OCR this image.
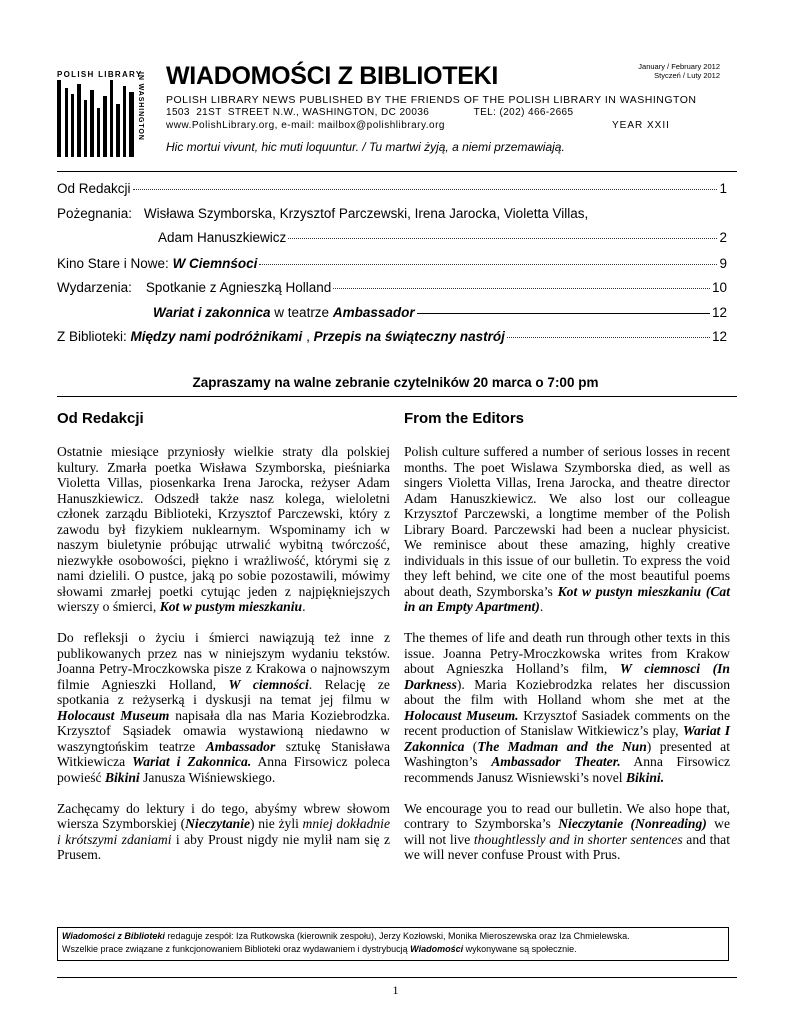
POLISH LIBRARY
IN WASHINGTON WIADOMOŚCI Z BIBLIOTEKI	January / February 2012
Styczeń / Luty 2012
POLISH LIBRARY NEWS PUBLISHED BY THE FRIENDS OF THE POLISH LIBRARY IN WASHINGTON
1503  21ST  STREET N.W., WASHINGTON, DC 20036              TEL: (202) 466-2665
www.PolishLibrary.org, e-mail: mailbox@polishlibrary.org	YEAR XXII
Hic mortui vivunt, hic muti loquuntur. / Tu martwi żyją, a niemi przemawiają.
Od Redakcji	1
Pożegnania: Wisława Szymborska, Krzysztof Parczewski, Irena Jarocka, Violetta Villas,
Adam Hanuszkiewicz	2
Kino Stare i Nowe: W Ciemnśoci	9
Wydarzenia: Spotkanie z Agnieszką Holland	10
Wariat i zakonnica w teatrze Ambassador	12
Z Biblioteki: Między nami podróżnikami , Przepis na świąteczny nastrój	12
Zapraszamy na walne zebranie czytelników 20 marca o 7:00 pm
Od Redakcji

Ostatnie miesiące przyniosły wielkie straty dla polskiej kultury. Zmarła poetka Wisława Szymborska, pieśniarka Violetta Villas, piosenkarka Irena Jarocka, reżyser Adam Hanuszkiewicz. Odszedł także nasz kolega, wieloletni członek zarządu Biblioteki, Krzysztof Parczewski, który z zawodu był fizykiem nuklearnym. Wspominamy ich w naszym biuletynie próbując utrwalić wybitną twórczość, niezwykłe osobowości, piękno i wrażliwość, którymi się z nami dzielili. O pustce, jaką po sobie pozostawili, mówimy słowami zmarłej poetki cytując jeden z najpiękniejszych wierszy o śmierci, Kot w pustym mieszkaniu.

Do refleksji o życiu i śmierci nawiązują też inne z publikowanych przez nas w niniejszym wydaniu tekstów. Joanna Petry-Mroczkowska pisze z Krakowa o najnowszym filmie Agnieszki Holland, W ciemności. Relację ze spotkania z reżyserką i dyskusji na temat jej filmu w Holocaust Museum napisała dla nas Maria Koziebrodzka. Krzysztof Sąsiadek omawia wystawioną niedawno w waszyngtońskim teatrze Ambassador sztukę Stanisława Witkiewicza Wariat i Zakonnica. Anna Firsowicz poleca powieść Bikini Janusza Wiśniewskiego.

Zachęcamy do lektury i do tego, abyśmy wbrew słowom wiersza Szymborskiej (Nieczytanie) nie żyli mniej dokładnie i krótszymi zdaniami i aby Proust nigdy nie mylił nam się z Prusem.

From the Editors

Polish culture suffered a number of serious losses in recent months. The poet Wislawa Szymborska died, as well as singers Violetta Villas, Irena Jarocka, and theatre director Adam Hanuszkiewicz. We also lost our colleague Krzysztof Parczewski, a longtime member of the Polish Library Board. Parczewski had been a nuclear physicist. We reminisce about these amazing, highly creative individuals in this issue of our bulletin. To express the void they left behind, we cite one of the most beautiful poems about death, Szymborska’s Kot w pustyn mieszkaniu (Cat in an Empty Apartment).

The themes of life and death run through other texts in this issue. Joanna Petry-Mroczkowska writes from Krakow about Agnieszka Holland’s film, W ciemnosci (In Darkness). Maria Koziebrodzka relates her discussion about the film with Holland whom she met at the Holocaust Museum. Krzysztof Sasiadek comments on the recent production of Stanislaw Witkiewicz’s play, Wariat I Zakonnica (The Madman and the Nun) presented at Washington’s Ambassador Theater. Anna Firsowicz recommends Janusz Wisniewski’s novel Bikini.

We encourage you to read our bulletin. We also hope that, contrary to Szymborska’s Nieczytanie (Nonreading) we will not live thoughtlessly and in shorter sentences and that we will never confuse Proust with Prus.

Wiadomości z Biblioteki redaguje zespół: Iza Rutkowska (kierownik zespołu), Jerzy Kozłowski, Monika Mieroszewska oraz Iza Chmielewska.
Wszelkie prace związane z funkcjonowaniem Biblioteki oraz wydawaniem i dystrybucją Wiadomości wykonywane są społecznie.
1
